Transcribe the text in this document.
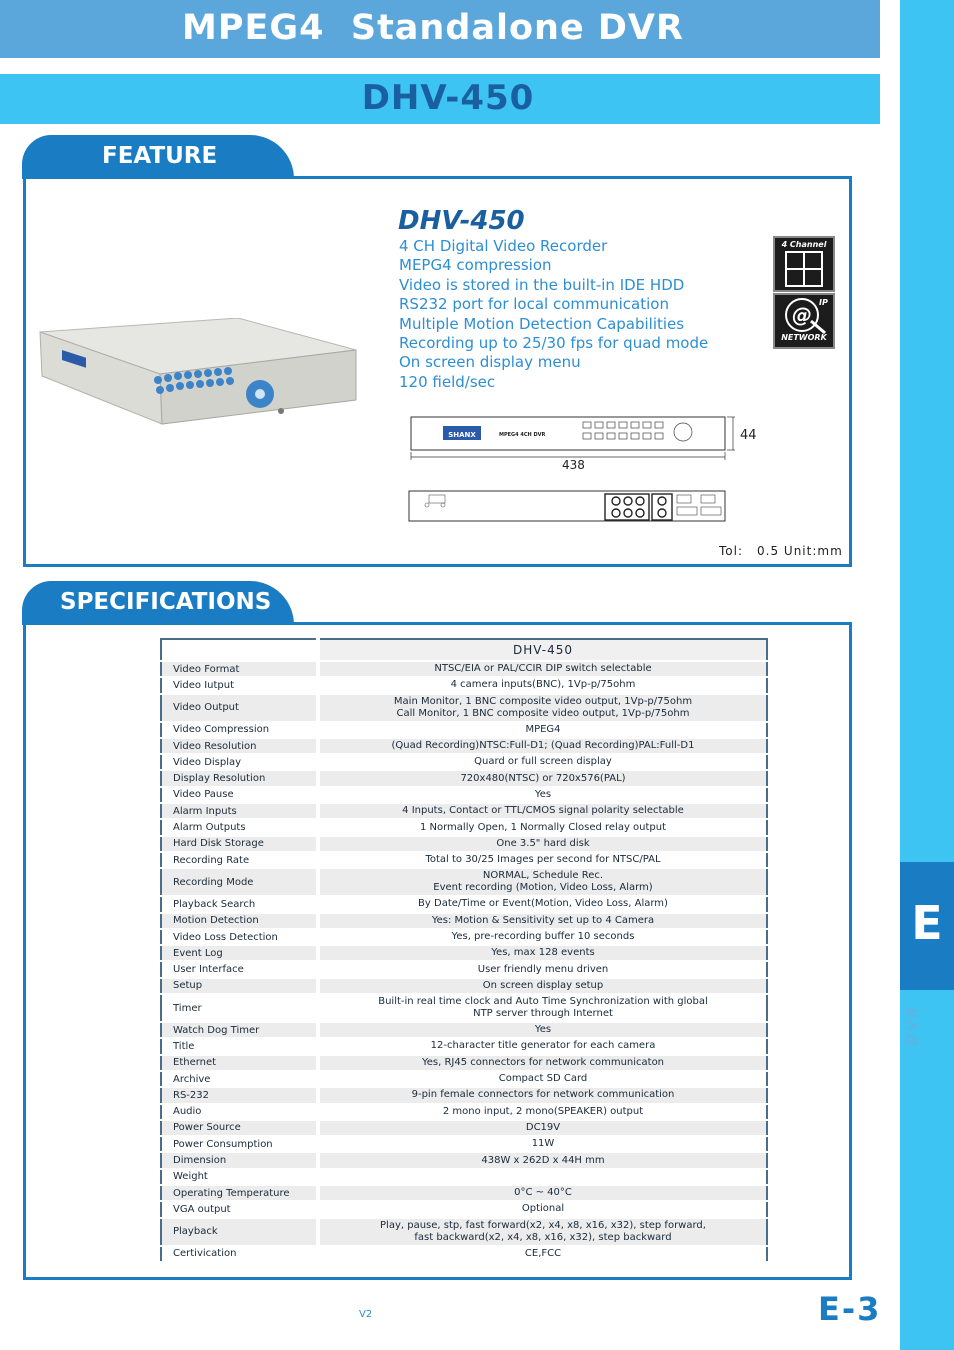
MPEG4  Standalone DVR
DHV-450
E
DVR
FEATURE
DHV-450
4 CH Digital Video Recorder
MEPG4 compression
Video is stored in the built-in IDE HDD
RS232 port for local communication
Multiple Motion Detection Capabilities
Recording up to 25/30 fps for quad mode
On screen display menu
120 field/sec
4 Channel
@
IP
NETWORK
SHANX	MPEG4 4CH DVR	44
438
Tol: 0.5 Unit:mm
SPECIFICATIONS
	DHV-450
Video Format	NTSC/EIA or PAL/CCIR DIP switch selectable
Video Iutput	4 camera inputs(BNC), 1Vp-p/75ohm
Video Output	Main Monitor, 1 BNC composite video output, 1Vp-p/75ohm
Call Monitor, 1 BNC composite video output, 1Vp-p/75ohm

Video Compression	MPEG4
Video Resolution	(Quad Recording)NTSC:Full-D1; (Quad Recording)PAL:Full-D1
Video Display	Quard or full screen display
Display Resolution	720x480(NTSC) or 720x576(PAL)
Video Pause	Yes
Alarm Inputs	4 Inputs, Contact or TTL/CMOS signal polarity selectable
Alarm Outputs	1 Normally Open, 1 Normally Closed relay output
Hard Disk Storage	One 3.5" hard disk
Recording Rate	Total to 30/25 Images per second for NTSC/PAL
Recording Mode	NORMAL, Schedule Rec.
Event recording (Motion, Video Loss, Alarm)

Playback Search	By Date/Time or Event(Motion, Video Loss, Alarm)
Motion Detection	Yes: Motion & Sensitivity set up to 4 Camera
Video Loss Detection	Yes, pre-recording buffer 10 seconds
Event Log	Yes, max 128 events
User Interface	User friendly menu driven
Setup	On screen display setup
Timer	Built-in real time clock and Auto Time Synchronization with global
NTP server through Internet

Watch Dog Timer	Yes
Title	12-character title generator for each camera
Ethernet	Yes, RJ45 connectors for network communicaton
Archive	Compact SD Card
RS-232	9-pin female connectors for network communication
Audio	2 mono input, 2 mono(SPEAKER) output
Power Source	DC19V
Power Consumption	11W
Dimension	438W x 262D x 44H mm
Weight	
Operating Temperature	0°C ~ 40°C
VGA output	Optional
Playback	Play, pause, stp, fast forward(x2, x4, x8, x16, x32), step forward,
fast backward(x2, x4, x8, x16, x32), step backward

Certivication	CE,FCC
V2	E-3
